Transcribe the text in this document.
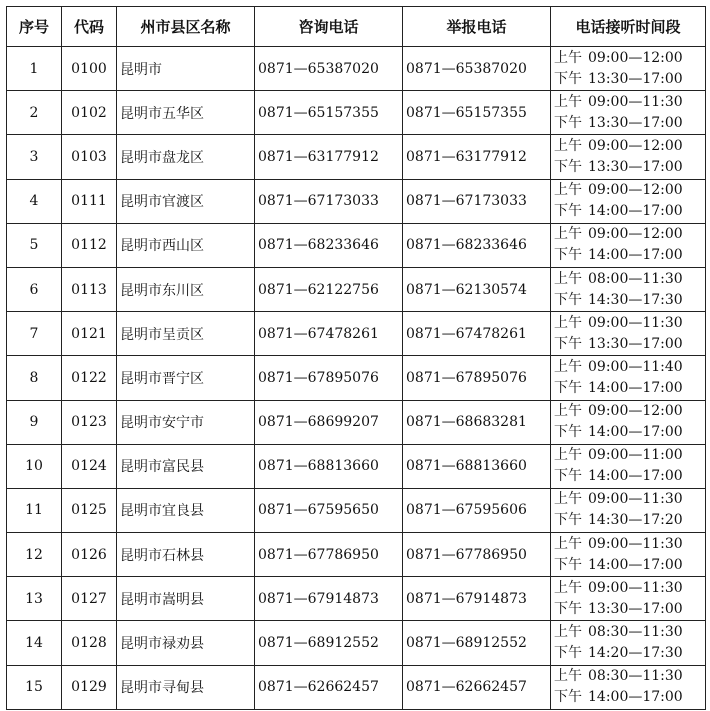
序号	代码	州市县区名称	咨询电话	举报电话	电话接听时间段
1	0100	昆明市	0871—65387020	0871—65387020	上午 09:00—12:00
下午 13:30—17:00

2	0102	昆明市五华区	0871—65157355	0871—65157355	上午 09:00—11:30
下午 13:30—17:00

3	0103	昆明市盘龙区	0871—63177912	0871—63177912	上午 09:00—12:00
下午 13:30—17:00

4	0111	昆明市官渡区	0871—67173033	0871—67173033	上午 09:00—12:00
下午 14:00—17:00

5	0112	昆明市西山区	0871—68233646	0871—68233646	上午 09:00—12:00
下午 14:00—17:00

6	0113	昆明市东川区	0871—62122756	0871—62130574	上午 08:00—11:30
下午 14:30—17:30

7	0121	昆明市呈贡区	0871—67478261	0871—67478261	上午 09:00—11:30
下午 13:30—17:00

8	0122	昆明市晋宁区	0871—67895076	0871—67895076	上午 09:00—11:40
下午 14:00—17:00

9	0123	昆明市安宁市	0871—68699207	0871—68683281	上午 09:00—12:00
下午 14:00—17:00

10	0124	昆明市富民县	0871—68813660	0871—68813660	上午 09:00—11:00
下午 14:00—17:00

11	0125	昆明市宜良县	0871—67595650	0871—67595606	上午 09:00—11:30
下午 14:30—17:20

12	0126	昆明市石林县	0871—67786950	0871—67786950	上午 09:00—11:30
下午 14:00—17:00

13	0127	昆明市嵩明县	0871—67914873	0871—67914873	上午 09:00—11:30
下午 13:30—17:00

14	0128	昆明市禄劝县	0871—68912552	0871—68912552	上午 08:30—11:30
下午 14:20—17:30

15	0129	昆明市寻甸县	0871—62662457	0871—62662457	上午 08:30—11:30
下午 14:00—17:00
